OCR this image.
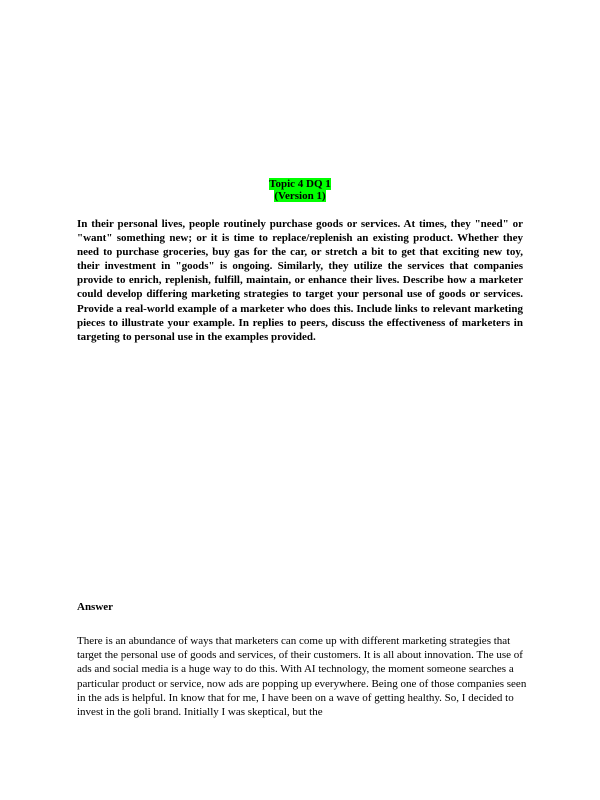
Topic 4 DQ 1
(Version 1)
In their personal lives, people routinely purchase goods or services. At times, they "need" or "want" something new; or it is time to replace/replenish an existing product. Whether they need to purchase groceries, buy gas for the car, or stretch a bit to get that exciting new toy, their investment in "goods" is ongoing. Similarly, they utilize the services that companies provide to enrich, replenish, fulfill, maintain, or enhance their lives. Describe how a marketer could develop differing marketing strategies to target your personal use of goods or services. Provide a real-world example of a marketer who does this. Include links to relevant marketing pieces to illustrate your example. In replies to peers, discuss the effectiveness of marketers in targeting to personal use in the examples provided.
Answer
There is an abundance of ways that marketers can come up with different marketing strategies that target the personal use of goods and services, of their customers. It is all about innovation. The use of ads and social media is a huge way to do this. With AI technology, the moment someone searches a particular product or service, now ads are popping up everywhere. Being one of those companies seen in the ads is helpful. In know that for me, I have been on a wave of getting healthy. So, I decided to invest in the goli brand. Initially I was skeptical, but the
